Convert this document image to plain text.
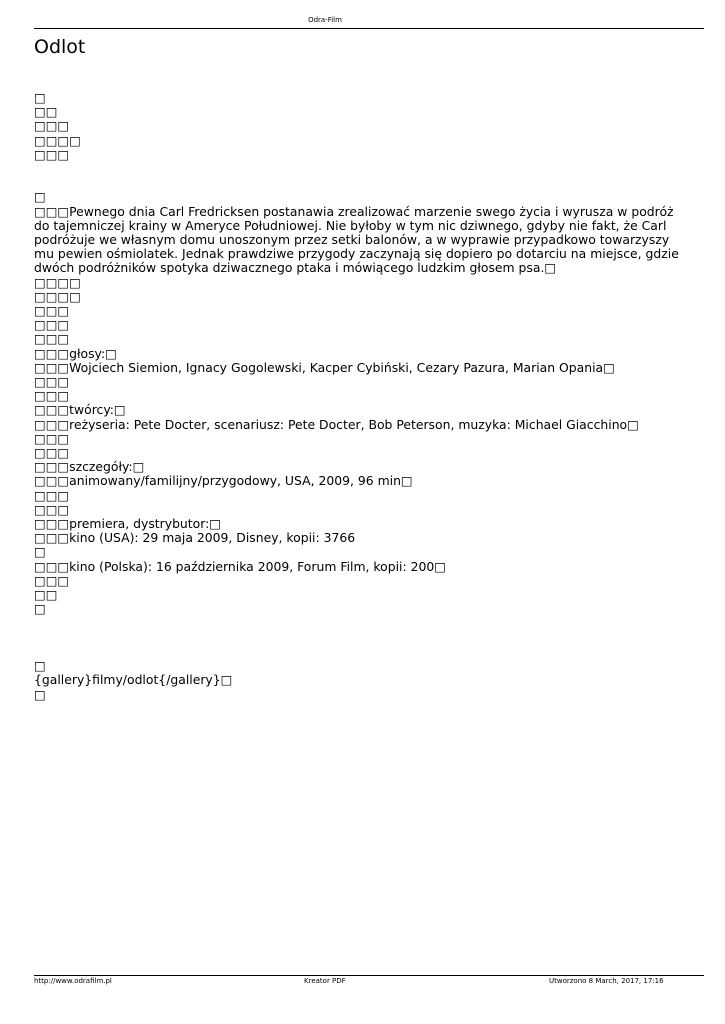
Odra-Film
Odlot
□
□□
□□□
□□□□
□□□
□
□□□Pewnego dnia Carl Fredricksen postanawia zrealizować marzenie swego życia i wyrusza w podróż do tajemniczej krainy w Ameryce Południowej. Nie byłoby w tym nic dziwnego, gdyby nie fakt, że Carl podróżuje we własnym domu unoszonym przez setki balonów, a w wyprawie przypadkowo towarzyszy mu pewien ośmiolatek. Jednak prawdziwe przygody zaczynają się dopiero po dotarciu na miejsce, gdzie dwóch podróżników spotyka dziwacznego ptaka i mówiącego ludzkim głosem psa.□
□□□□
□□□□
□□□
□□□
□□□
□□□głosy:□
□□□Wojciech Siemion, Ignacy Gogolewski, Kacper Cybiński, Cezary Pazura, Marian Opania□
□□□
□□□
□□□twórcy:□
□□□reżyseria: Pete Docter, scenariusz: Pete Docter, Bob Peterson, muzyka: Michael Giacchino□
□□□
□□□
□□□szczegóły:□
□□□animowany/familijny/przygodowy, USA, 2009, 96 min□
□□□
□□□
□□□premiera, dystrybutor:□
□□□kino (USA): 29 maja 2009, Disney, kopii: 3766
□
□□□kino (Polska): 16 października 2009, Forum Film, kopii: 200□
□□□
□□
□
□
{gallery}filmy/odlot{/gallery}□
□
http://www.odrafilm.pl	Kreator PDF	Utworzono 8 March, 2017, 17:16
